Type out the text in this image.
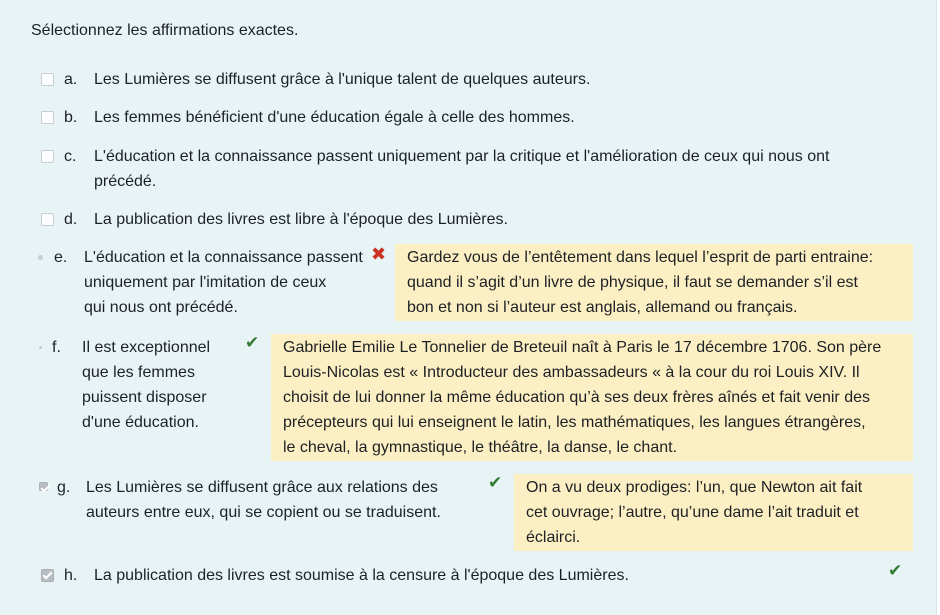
Sélectionnez les affirmations exactes.
a. Les Lumières se diffusent grâce à l'unique talent de quelques auteurs.
b. Les femmes bénéficient d'une éducation égale à celle des hommes.
c. L'éducation et la connaissance passent uniquement par la critique et l'amélioration de ceux qui nous ont
précédé.
d. La publication des livres est libre à l'époque des Lumières.
e. L'éducation et la connaissance passent
uniquement par l'imitation de ceux
qui nous ont précédé.
✖ Gardez vous de l’entêtement dans lequel l’esprit de parti entraine:
quand il s’agit d’un livre de physique, il faut se demander s’il est
bon et non si l’auteur est anglais, allemand ou français.
f. Il est exceptionnel
que les femmes
puissent disposer
d'une éducation.
✔ Gabrielle Emilie Le Tonnelier de Breteuil naît à Paris le 17 décembre 1706. Son père
Louis-Nicolas est « Introducteur des ambassadeurs « à la cour du roi Louis XIV. Il
choisit de lui donner la même éducation qu’à ses deux frères aînés et fait venir des
précepteurs qui lui enseignent le latin, les mathématiques, les langues étrangères,
le cheval, la gymnastique, le théâtre, la danse, le chant.
g. Les Lumières se diffusent grâce aux relations des
auteurs entre eux, qui se copient ou se traduisent.
✔ On a vu deux prodiges: l’un, que Newton ait fait
cet ouvrage; l’autre, qu’une dame l’ait traduit et
éclairci.
h. La publication des livres est soumise à la censure à l'époque des Lumières.	✔
